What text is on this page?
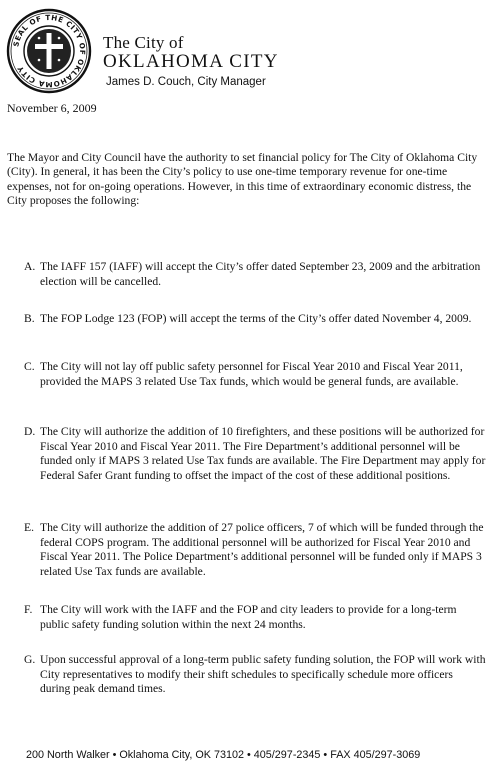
SEAL OF THE CITY OF OKLAHOMA CITY
The City of
OKLAHOMA CITY
James D. Couch, City Manager
November 6, 2009
The Mayor and City Council have the authority to set financial policy for The City of Oklahoma City (City). In general, it has been the City’s policy to use one-time temporary revenue for one-time expenses, not for on-going operations. However, in this time of extraordinary economic distress, the City proposes the following:
A. The IAFF 157 (IAFF) will accept the City’s offer dated September 23, 2009 and the arbitration election will be cancelled.
B. The FOP Lodge 123 (FOP) will accept the terms of the City’s offer dated November 4, 2009.
C. The City will not lay off public safety personnel for Fiscal Year 2010 and Fiscal Year 2011, provided the MAPS 3 related Use Tax funds, which would be general funds, are available.
D. The City will authorize the addition of 10 firefighters, and these positions will be authorized for Fiscal Year 2010 and Fiscal Year 2011. The Fire Department’s additional personnel will be funded only if MAPS 3 related Use Tax funds are available. The Fire Department may apply for Federal Safer Grant funding to offset the impact of the cost of these additional positions.
E. The City will authorize the addition of 27 police officers, 7 of which will be funded through the federal COPS program. The additional personnel will be authorized for Fiscal Year 2010 and Fiscal Year 2011. The Police Department’s additional personnel will be funded only if MAPS 3 related Use Tax funds are available.
F. The City will work with the IAFF and the FOP and city leaders to provide for a long-term public safety funding solution within the next 24 months.
G. Upon successful approval of a long-term public safety funding solution, the FOP will work with City representatives to modify their shift schedules to specifically schedule more officers during peak demand times.
200 North Walker • Oklahoma City, OK 73102 • 405/297-2345 • FAX 405/297-3069
